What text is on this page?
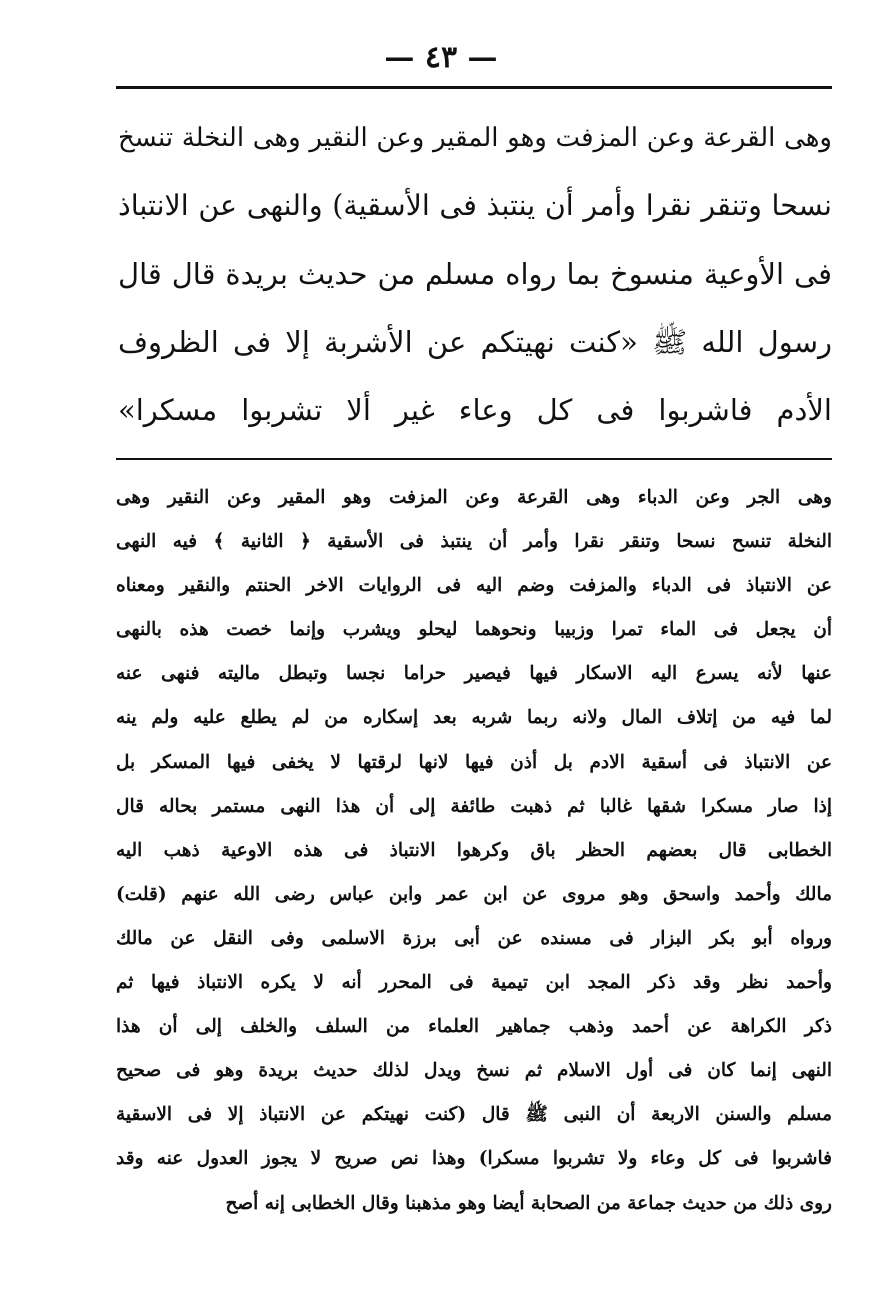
— ٤٣ —
وهى القرعة وعن المزفت وهو المقير وعن النقير وهى النخلة تنسخ
نسحا وتنقر نقرا وأمر أن ينتبذ فى الأسقية) والنهى عن الانتباذ
فى الأوعية منسوخ بما رواه مسلم من حديث بريدة قال قال
رسول الله ﷺ «كنت نهيتكم عن الأشربة إلا فى الظروف
الأدم فاشربوا فى كل وعاء غير ألا تشربوا مسكرا»
وهى الجر وعن الدباء وهى القرعة وعن المزفت وهو المقير وعن النقير وهى
النخلة تنسح نسحا وتنقر نقرا وأمر أن ينتبذ فى الأسقية ﴿ الثانية ﴾ فيه النهى
عن الانتباذ فى الدباء والمزفت وضم اليه فى الروايات الاخر الحنتم والنقير ومعناه
أن يجعل فى الماء تمرا وزبيبا ونحوهما ليحلو ويشرب وإنما خصت هذه بالنهى
عنها لأنه يسرع اليه الاسكار فيها فيصير حراما نجسا وتبطل ماليته فنهى عنه
لما فيه من إتلاف المال ولانه ربما شربه بعد إسكاره من لم يطلع عليه ولم ينه
عن الانتباذ فى أسقية الادم بل أذن فيها لانها لرقتها لا يخفى فيها المسكر بل
إذا صار مسكرا شقها غالبا ثم ذهبت طائفة إلى أن هذا النهى مستمر بحاله قال
الخطابى قال بعضهم الحظر باق وكرهوا الانتباذ فى هذه الاوعية ذهب اليه
مالك وأحمد واسحق وهو مروى عن ابن عمر وابن عباس رضى الله عنهم (قلت)
ورواه أبو بكر البزار فى مسنده عن أبى برزة الاسلمى وفى النقل عن مالك
وأحمد نظر وقد ذكر المجد ابن تيمية فى المحرر أنه لا يكره الانتباذ فيها ثم
ذكر الكراهة عن أحمد وذهب جماهير العلماء من السلف والخلف إلى أن هذا
النهى إنما كان فى أول الاسلام ثم نسخ ويدل لذلك حديث بريدة وهو فى صحيح
مسلم والسنن الاربعة أن النبى ﷺ قال (كنت نهيتكم عن الانتباذ إلا فى الاسقية
فاشربوا فى كل وعاء ولا تشربوا مسكرا) وهذا نص صريح لا يجوز العدول عنه وقد
روى ذلك من حديث جماعة من الصحابة أيضا وهو مذهبنا وقال الخطابى إنه أصح
